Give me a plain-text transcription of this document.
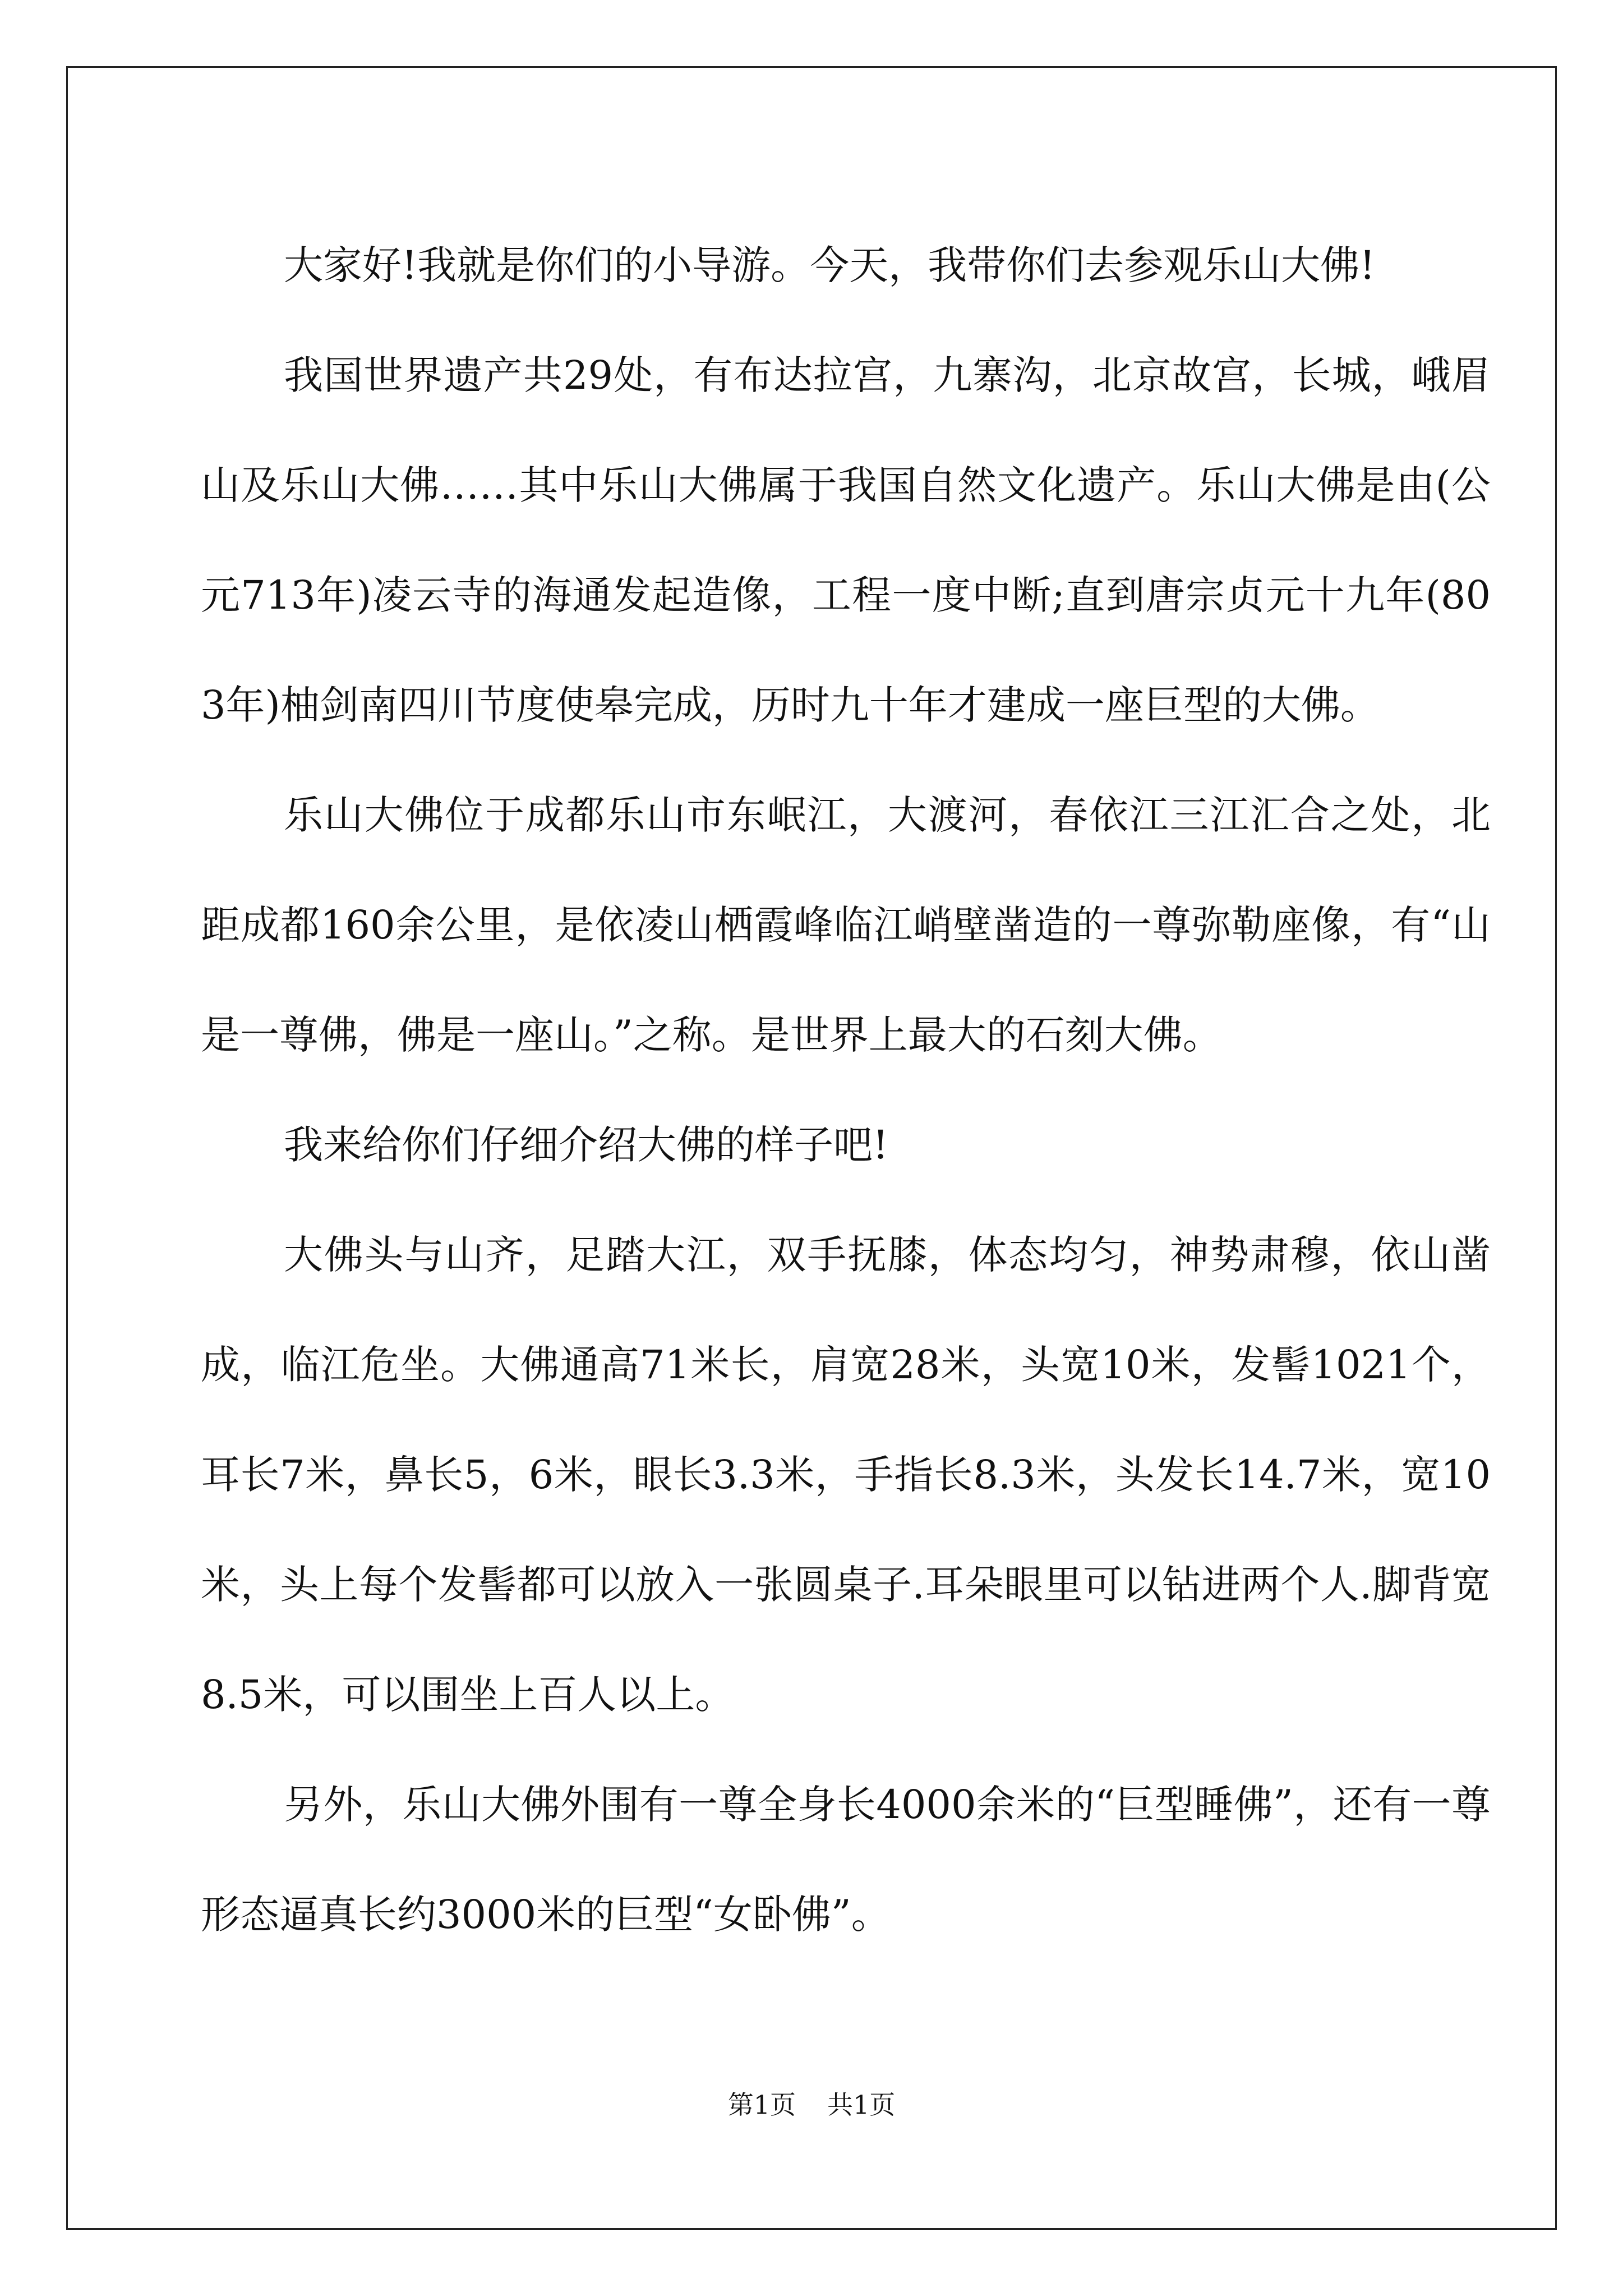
大家好!我就是你们的小导游。今天，我带你们去参观乐山大佛!

我国世界遗产共29处，有布达拉宫，九寨沟，北京故宫，长城，峨眉山及乐山大佛……其中乐山大佛属于我国自然文化遗产。乐山大佛是由(公元713年)凌云寺的海通发起造像，工程一度中断;直到唐宗贞元十九年(803年)柚剑南四川节度使皋完成，历时九十年才建成一座巨型的大佛。

乐山大佛位于成都乐山市东岷江，大渡河，春依江三江汇合之处，北距成都160余公里，是依凌山栖霞峰临江峭壁凿造的一尊弥勒座像，有“山是一尊佛，佛是一座山。”之称。是世界上最大的石刻大佛。

我来给你们仔细介绍大佛的样子吧!

大佛头与山齐，足踏大江，双手抚膝，体态均匀，神势肃穆，依山凿成，临江危坐。大佛通高71米长，肩宽28米，头宽10米，发髻1021个，耳长7米，鼻长5，6米，眼长3.3米，手指长8.3米，头发长14.7米，宽10米，头上每个发髻都可以放入一张圆桌子.耳朵眼里可以钻进两个人.脚背宽8.5米，可以围坐上百人以上。

另外，乐山大佛外围有一尊全身长4000余米的“巨型睡佛”，还有一尊形态逼真长约3000米的巨型“女卧佛”。

第1页 共1页
